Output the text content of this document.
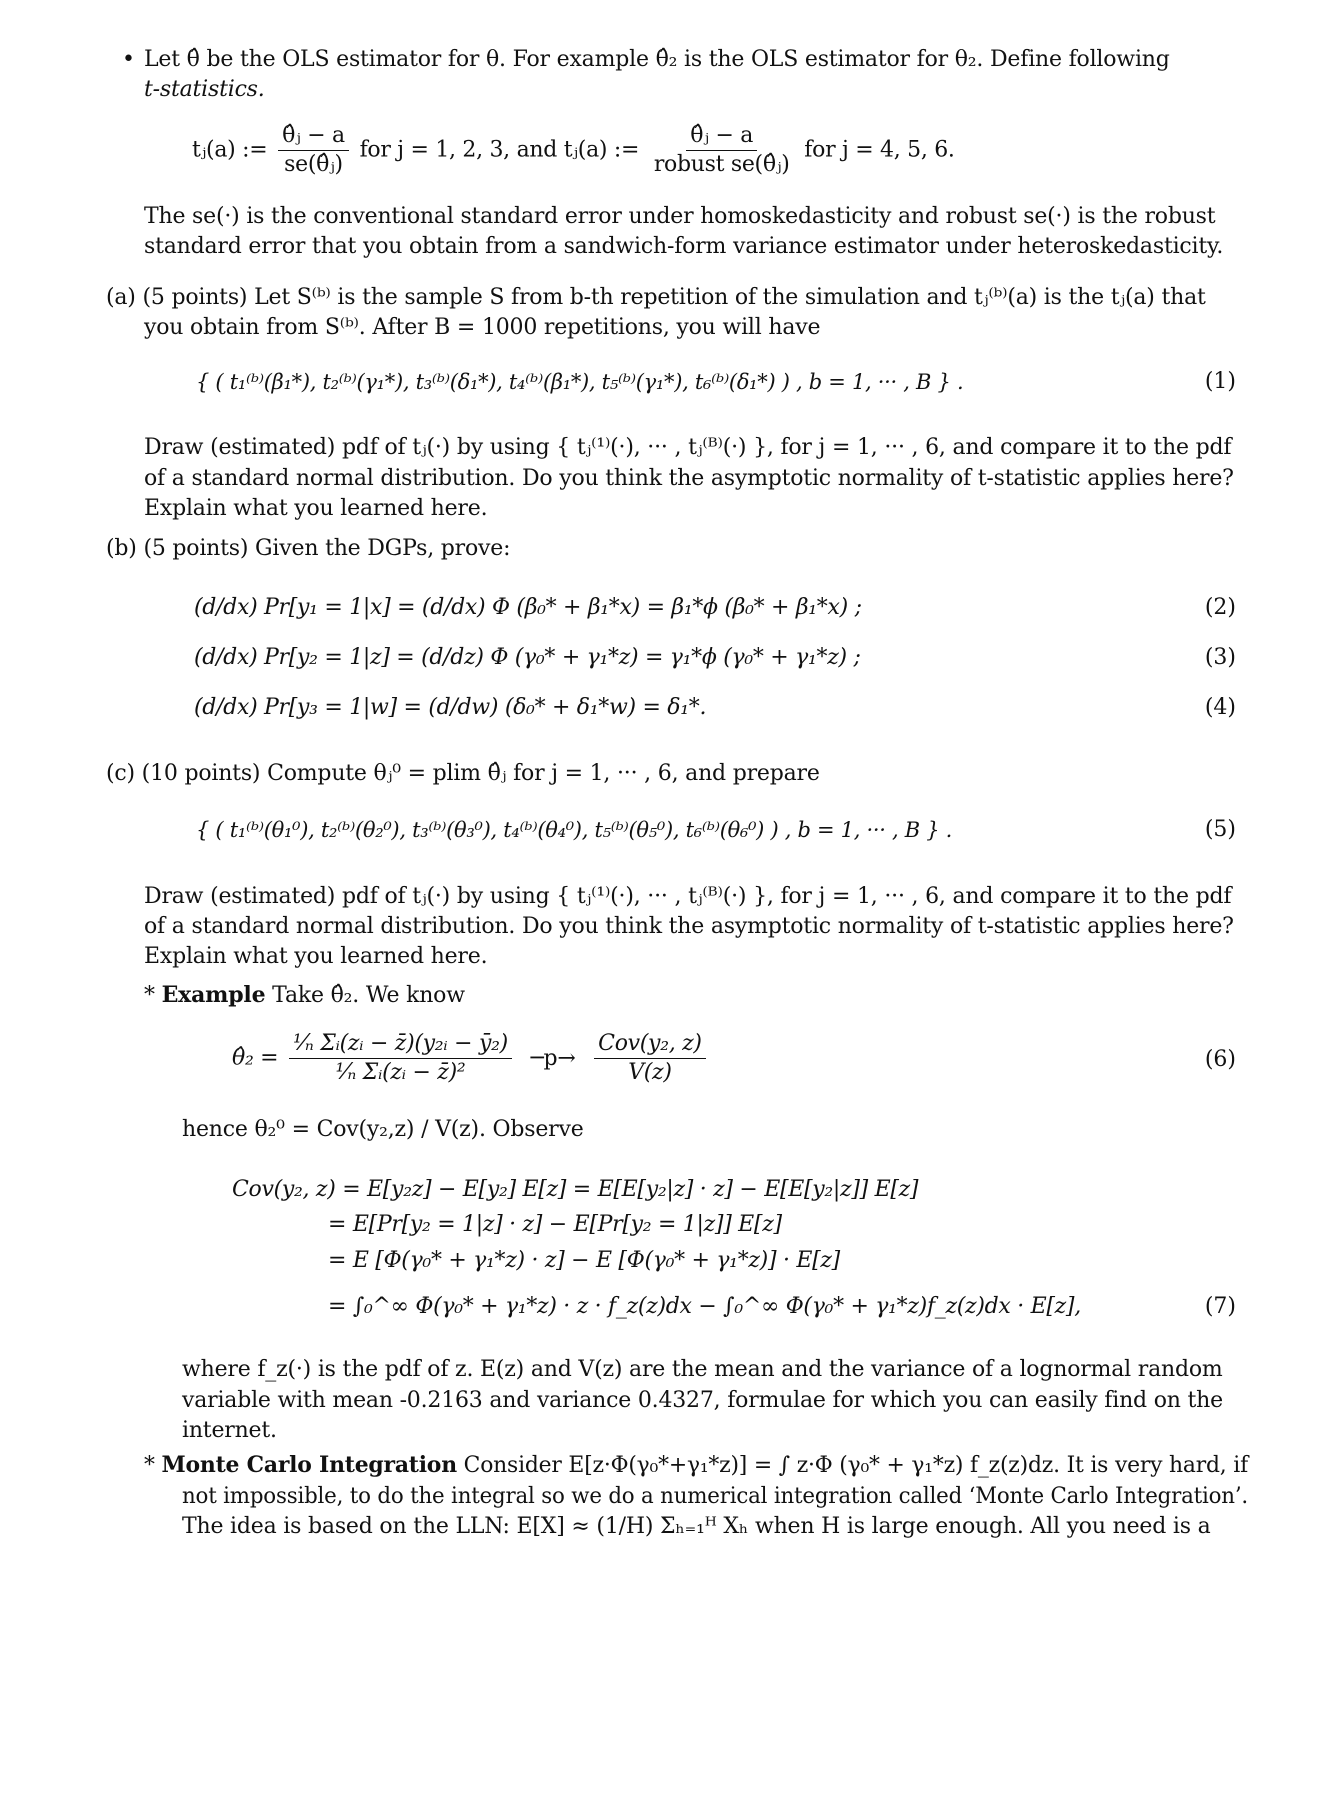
• Let θ̂ be the OLS estimator for θ. For example θ̂₂ is the OLS estimator for θ₂. Define following
t-statistics.
tⱼ(a) := $\frac{\text{θ̂ⱼ − a}}{\text{se(θ̂ⱼ)}}$ for j = 1, 2, 3, and tⱼ(a) := $\frac{\text{θ̂ⱼ − a}}{\text{robust se(θ̂ⱼ)}}$ for j = 4, 5, 6.
The se(·) is the conventional standard error under homoskedasticity and robust se(·) is the robust
standard error that you obtain from a sandwich-form variance estimator under heteroskedasticity.
(a) (5 points) Let S⁽ᵇ⁾ is the sample S from b-th repetition of the simulation and tⱼ⁽ᵇ⁾(a) is the tⱼ(a) that
you obtain from S⁽ᵇ⁾. After B = 1000 repetitions, you will have
{ ( t₁⁽ᵇ⁾(β₁*), t₂⁽ᵇ⁾(γ₁*), t₃⁽ᵇ⁾(δ₁*), t₄⁽ᵇ⁾(β₁*), t₅⁽ᵇ⁾(γ₁*), t₆⁽ᵇ⁾(δ₁*) ) , b = 1, ··· , B } .	(1)
Draw (estimated) pdf of tⱼ(·) by using { tⱼ⁽¹⁾(·), ··· , tⱼ⁽ᴮ⁾(·) }, for j = 1, ··· , 6, and compare it to the pdf
of a standard normal distribution. Do you think the asymptotic normality of t-statistic applies here?
Explain what you learned here.
(b) (5 points) Given the DGPs, prove:
(d/dx) Pr[y₁ = 1|x] = (d/dx) Φ (β₀* + β₁*x) = β₁*ϕ (β₀* + β₁*x) ;	(2)
(d/dx) Pr[y₂ = 1|z] = (d/dz) Φ (γ₀* + γ₁*z) = γ₁*ϕ (γ₀* + γ₁*z) ;	(3)
(d/dx) Pr[y₃ = 1|w] = (d/dw) (δ₀* + δ₁*w) = δ₁*.	(4)
(c) (10 points) Compute θⱼ⁰ = plim θ̂ⱼ for j = 1, ··· , 6, and prepare
{ ( t₁⁽ᵇ⁾(θ₁⁰), t₂⁽ᵇ⁾(θ₂⁰), t₃⁽ᵇ⁾(θ₃⁰), t₄⁽ᵇ⁾(θ₄⁰), t₅⁽ᵇ⁾(θ₅⁰), t₆⁽ᵇ⁾(θ₆⁰) ) , b = 1, ··· , B } .	(5)
Draw (estimated) pdf of tⱼ(·) by using { tⱼ⁽¹⁾(·), ··· , tⱼ⁽ᴮ⁾(·) }, for j = 1, ··· , 6, and compare it to the pdf
of a standard normal distribution. Do you think the asymptotic normality of t-statistic applies here?
Explain what you learned here.
* Example Take θ̂₂. We know
θ̂₂ = $\frac{\text{¹⁄ₙ Σᵢ(zᵢ − z̄)(y₂ᵢ − ȳ₂)}}{\text{¹⁄ₙ Σᵢ(zᵢ − z̄)²}}$ ─p→ $\frac{\text{Cov(y₂, z)}}{V(z)}$	(6)
hence θ₂⁰ = Cov(y₂,z) / V(z). Observe
Cov(y₂, z) = E[y₂z] − E[y₂] E[z] = E[E[y₂|z] · z] − E[E[y₂|z]] E[z]
= E[Pr[y₂ = 1|z] · z] − E[Pr[y₂ = 1|z]] E[z]
= E [Φ(γ₀* + γ₁*z) · z] − E [Φ(γ₀* + γ₁*z)] · E[z]
= ∫₀^∞ Φ(γ₀* + γ₁*z) · z · f_z(z)dx − ∫₀^∞ Φ(γ₀* + γ₁*z)f_z(z)dx · E[z],	(7)
where f_z(·) is the pdf of z. E(z) and V(z) are the mean and the variance of a lognormal random
variable with mean -0.2163 and variance 0.4327, formulae for which you can easily find on the
internet.
* Monte Carlo Integration Consider E[z·Φ(γ₀*+γ₁*z)] = ∫ z·Φ (γ₀* + γ₁*z) f_z(z)dz. It is very hard, if
not impossible, to do the integral so we do a numerical integration called ‘Monte Carlo Integration’.
The idea is based on the LLN: E[X] ≈ (1/H) Σₕ₌₁ᴴ Xₕ when H is large enough. All you need is a
